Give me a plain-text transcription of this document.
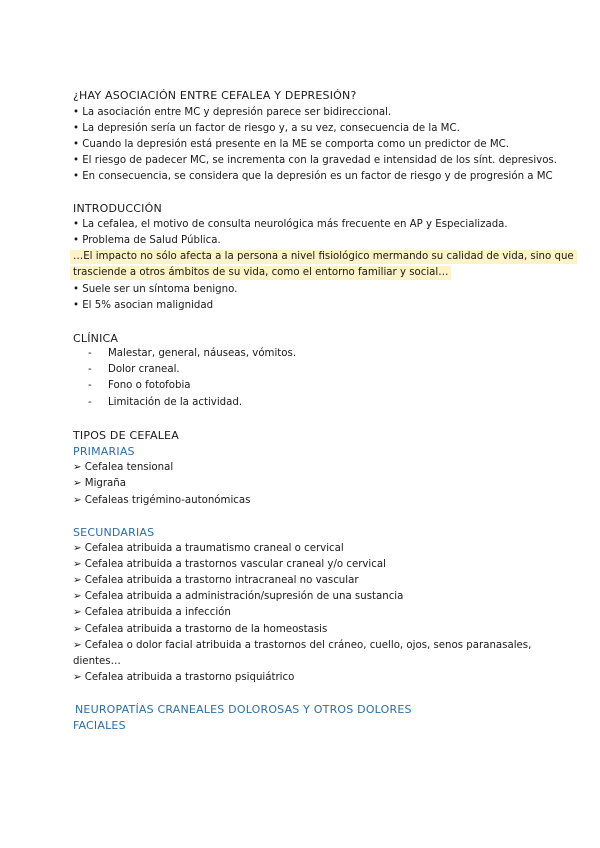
¿HAY ASOCIACIÓN ENTRE CEFALEA Y DEPRESIÓN?
• La asociación entre MC y depresión parece ser bidireccional.
• La depresión sería un factor de riesgo y, a su vez, consecuencia de la MC.
• Cuando la depresión está presente en la ME se comporta como un predictor de MC.
• El riesgo de padecer MC, se incrementa con la gravedad e intensidad de los sínt. depresivos.
• En consecuencia, se considera que la depresión es un factor de riesgo y de progresión a MC
INTRODUCCIÓN
• La cefalea, el motivo de consulta neurológica más frecuente en AP y Especializada.
• Problema de Salud Pública.
…El impacto no sólo afecta a la persona a nivel fisiológico mermando su calidad de vida, sino que
trasciende a otros ámbitos de su vida, como el entorno familiar y social…
• Suele ser un síntoma benigno.
• El 5% asocian malignidad
CLÍNICA
- Malestar, general, náuseas, vómitos.
- Dolor craneal.
- Fono o fotofobia
- Limitación de la actividad.
TIPOS DE CEFALEA
PRIMARIAS
➢ Cefalea tensional
➢ Migraña
➢ Cefaleas trigémino-autonómicas
SECUNDARIAS
➢ Cefalea atribuida a traumatismo craneal o cervical
➢ Cefalea atribuida a trastornos vascular craneal y/o cervical
➢ Cefalea atribuida a trastorno intracraneal no vascular
➢ Cefalea atribuida a administración/supresión de una sustancia
➢ Cefalea atribuida a infección
➢ Cefalea atribuida a trastorno de la homeostasis
➢ Cefalea o dolor facial atribuida a trastornos del cráneo, cuello, ojos, senos paranasales,
dientes…
➢ Cefalea atribuida a trastorno psiquiátrico
NEUROPATÍAS CRANEALES DOLOROSAS Y OTROS DOLORES
FACIALES
